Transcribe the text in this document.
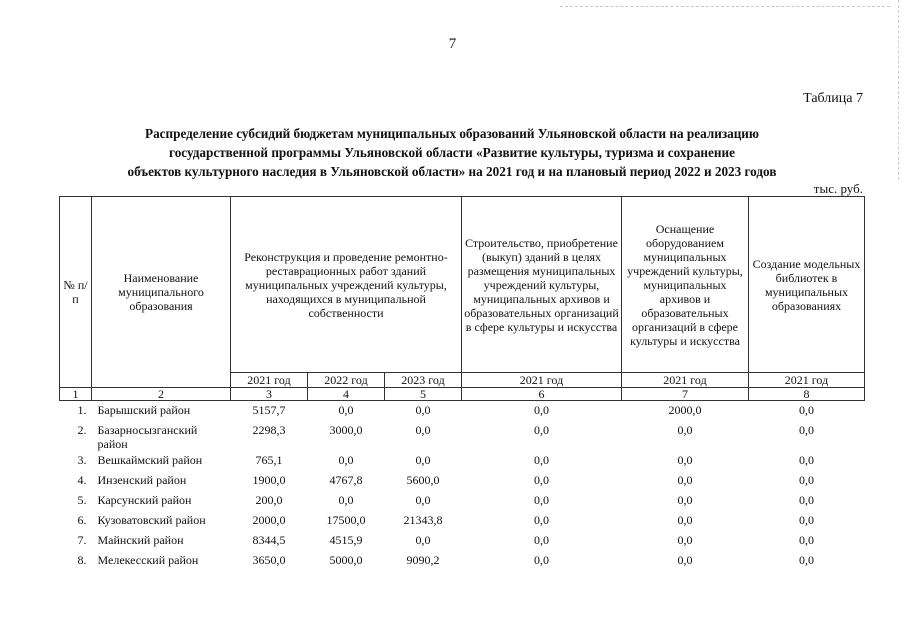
7
Таблица 7
Распределение субсидий бюджетам муниципальных образований Ульяновской области на реализацию
государственной программы Ульяновской области «Развитие культуры, туризма и сохранение
объектов культурного наследия в Ульяновской области» на 2021 год и на плановый период 2022 и 2023 годов
тыс. руб.
№ п/п	Наименование муниципального образования	Реконструкция и проведение ремонтно-реставрационных работ зданий муниципальных учреждений культуры, находящихся в муниципальной собственности			Строительство, приобретение (выкуп) зданий в целях размещения муниципальных учреждений культуры, муниципальных архивов и образовательных организаций в сфере культуры и искусства	Оснащение оборудованием муниципальных учреждений культуры, муниципальных архивов и образовательных организаций в сфере культуры и искусства	Создание модельных библиотек в муниципальных образованиях
		2021 год	2022 год	2023 год	2021 год	2021 год	2021 год
1	2	3	4	5	6	7	8
1.	Барышский район	5157,7	0,0	0,0	0,0	2000,0	0,0
2.	Базарносызганский район	2298,3	3000,0	0,0	0,0	0,0	0,0
3.	Вешкаймский район	765,1	0,0	0,0	0,0	0,0	0,0
4.	Инзенский район	1900,0	4767,8	5600,0	0,0	0,0	0,0
5.	Карсунский район	200,0	0,0	0,0	0,0	0,0	0,0
6.	Кузоватовский район	2000,0	17500,0	21343,8	0,0	0,0	0,0
7.	Майнский район	8344,5	4515,9	0,0	0,0	0,0	0,0
8.	Мелекесский район	3650,0	5000,0	9090,2	0,0	0,0	0,0
